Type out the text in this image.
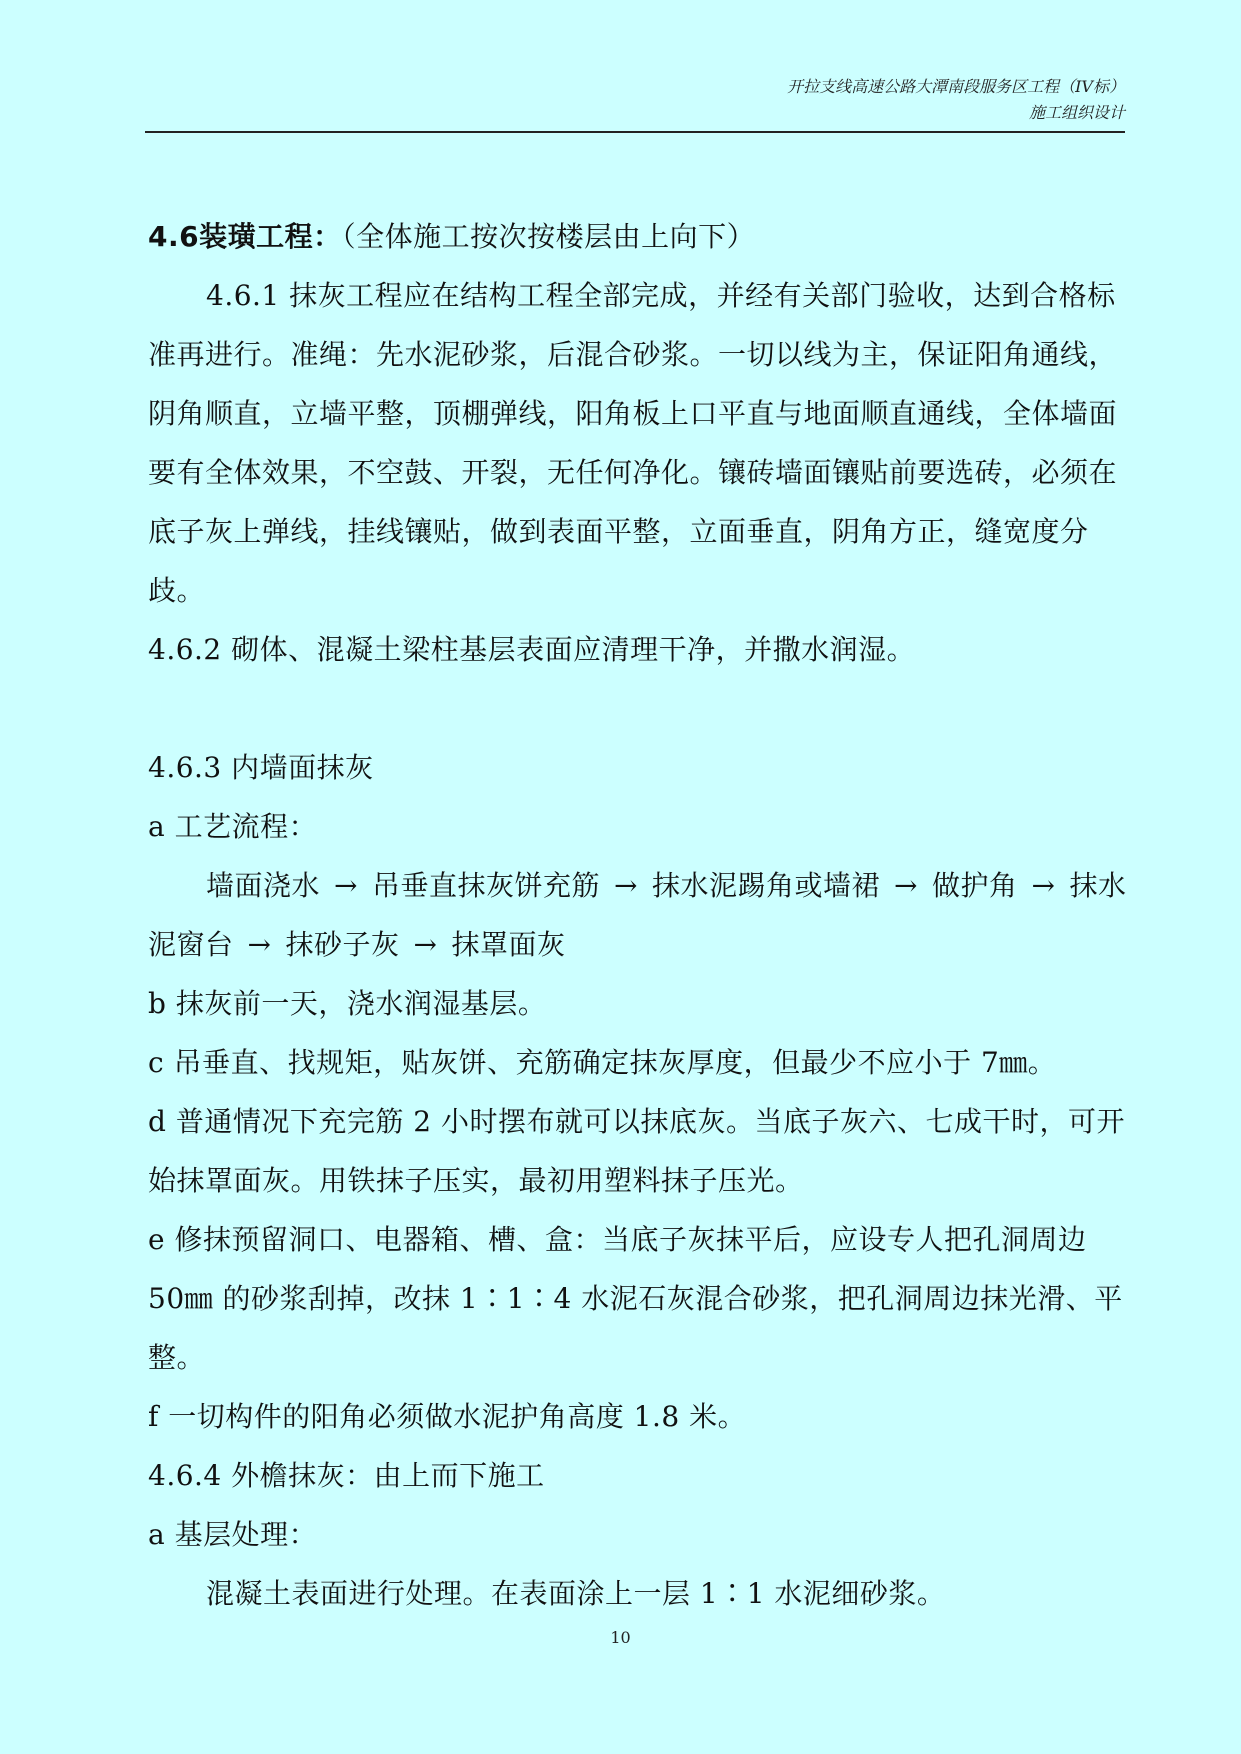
开拉支线高速公路大潭南段服务区工程（IV标）
施工组织设计

4.6装璜工程：（全体施工按次按楼层由上向下）

4.6.1 抹灰工程应在结构工程全部完成，并经有关部门验收，达到合格标准再进行。准绳：先水泥砂浆，后混合砂浆。一切以线为主，保证阳角通线，阴角顺直，立墙平整，顶棚弹线，阳角板上口平直与地面顺直通线，全体墙面要有全体效果，不空鼓、开裂，无任何净化。镶砖墙面镶贴前要选砖，必须在底子灰上弹线，挂线镶贴，做到表面平整，立面垂直，阴角方正，缝宽度分歧。

4.6.2 砌体、混凝土梁柱基层表面应清理干净，并撒水润湿。

4.6.3 内墙面抹灰

a 工艺流程：

墙面浇水 → 吊垂直抹灰饼充筋 → 抹水泥踢角或墙裙 → 做护角 → 抹水泥窗台 → 抹砂子灰 → 抹罩面灰

b 抹灰前一天，浇水润湿基层。

c 吊垂直、找规矩，贴灰饼、充筋确定抹灰厚度，但最少不应小于 7㎜。

d 普通情况下充完筋 2 小时摆布就可以抹底灰。当底子灰六、七成干时，可开始抹罩面灰。用铁抹子压实，最初用塑料抹子压光。

e 修抹预留洞口、电器箱、槽、盒：当底子灰抹平后，应设专人把孔洞周边 50㎜ 的砂浆刮掉，改抹 1∶1∶4 水泥石灰混合砂浆，把孔洞周边抹光滑、平整。

f 一切构件的阳角必须做水泥护角高度 1.8 米。

4.6.4 外檐抹灰：由上而下施工

a 基层处理：

混凝土表面进行处理。在表面涂上一层 1∶1 水泥细砂浆。

10
